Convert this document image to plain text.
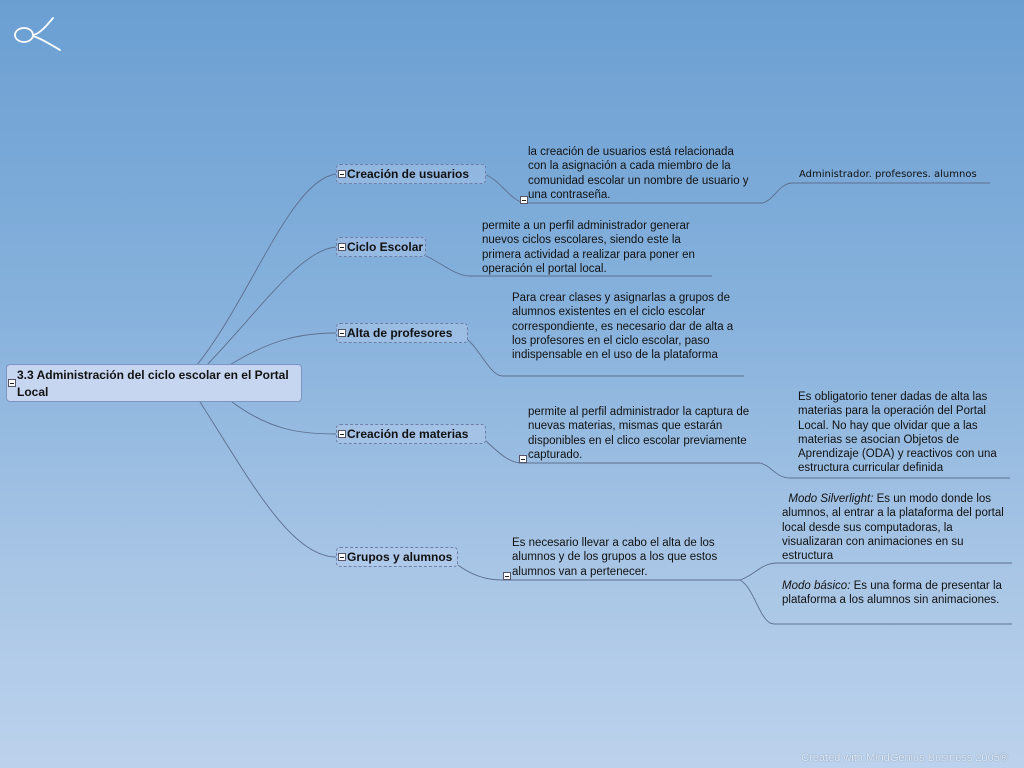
3.3 Administración del ciclo escolar en el Portal Local
Creación de usuarios
Ciclo Escolar
Alta de profesores
Creación de materias
Grupos y alumnos
la creación de usuarios está relacionada con la asignación a cada miembro de la comunidad escolar un nombre de usuario y una contraseña.
Administrador. profesores. alumnos
permite a un perfil administrador generar nuevos ciclos escolares, siendo este la primera actividad a realizar para poner en operación el portal local.
Para crear clases y asignarlas a grupos de alumnos existentes en el ciclo escolar correspondiente, es necesario dar de alta a los profesores en el ciclo escolar, paso indispensable en el uso de la plataforma
permite al perfil administrador la captura de nuevas materias, mismas que estarán disponibles en el clico escolar previamente capturado.
Es obligatorio tener dadas de alta las materias para la operación del Portal Local. No hay que olvidar que a las materias se asocian Objetos de Aprendizaje (ODA) y reactivos con una estructura curricular definida
Es necesario llevar a cabo el alta de los alumnos y de los grupos a los que estos alumnos van a pertenecer.
Modo Silverlight: Es un modo donde los alumnos, al entrar a la plataforma del portal local desde sus computadoras, la visualizaran con animaciones en su estructura
Modo básico: Es una forma de presentar la plataforma a los alumnos sin animaciones.
Created with MindGenius Business 2005®
